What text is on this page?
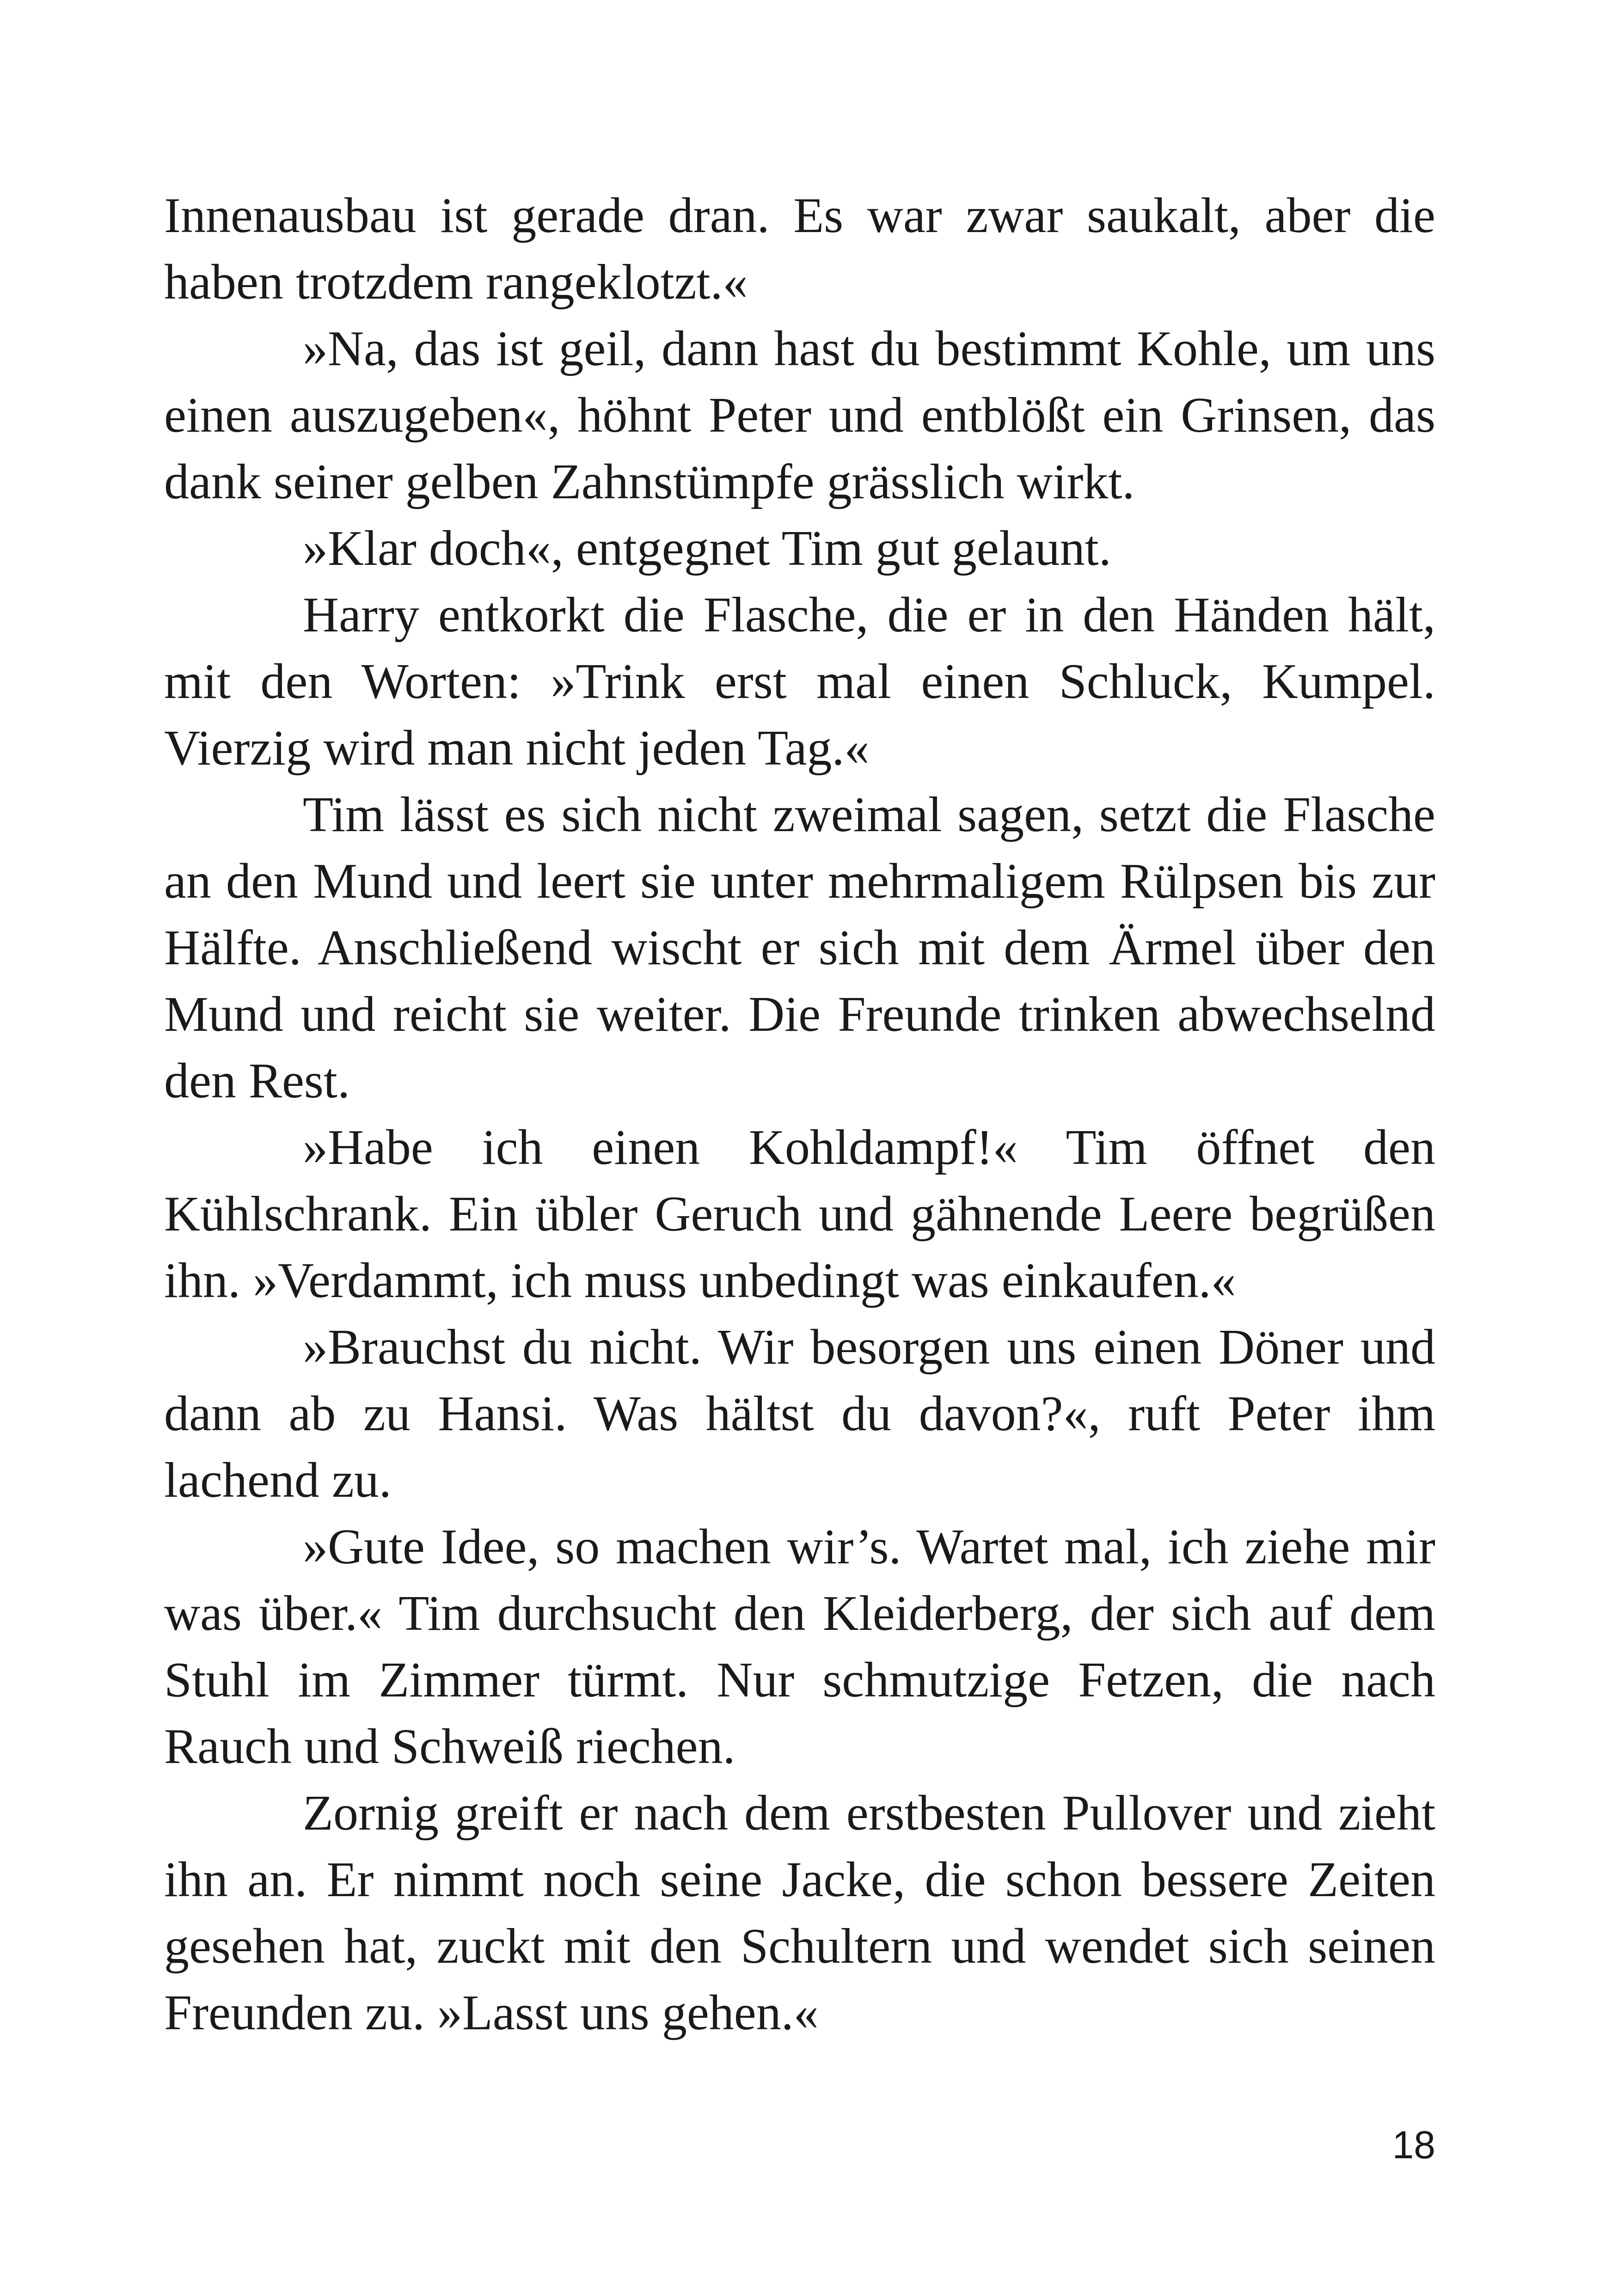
Innenausbau ist gerade dran. Es war zwar saukalt, aber die haben trotzdem rangeklotzt.«

»Na, das ist geil, dann hast du bestimmt Kohle, um uns einen auszugeben«, höhnt Peter und entblößt ein Grinsen, das dank seiner gelben Zahnstümpfe grässlich wirkt.

»Klar doch«, entgegnet Tim gut gelaunt.

Harry entkorkt die Flasche, die er in den Händen hält, mit den Worten: »Trink erst mal einen Schluck, Kumpel. Vierzig wird man nicht jeden Tag.«

Tim lässt es sich nicht zweimal sagen, setzt die Flasche an den Mund und leert sie unter mehrmaligem Rülpsen bis zur Hälfte. Anschließend wischt er sich mit dem Ärmel über den Mund und reicht sie weiter. Die Freunde trinken abwechselnd den Rest.

»Habe ich einen Kohldampf!« Tim öffnet den Kühlschrank. Ein übler Geruch und gähnende Leere begrüßen ihn. »Verdammt, ich muss unbedingt was einkaufen.«

»Brauchst du nicht. Wir besorgen uns einen Döner und dann ab zu Hansi. Was hältst du davon?«, ruft Peter ihm lachend zu.

»Gute Idee, so machen wir’s. Wartet mal, ich ziehe mir was über.« Tim durchsucht den Kleiderberg, der sich auf dem Stuhl im Zimmer türmt. Nur schmutzige Fetzen, die nach Rauch und Schweiß riechen.

Zornig greift er nach dem erstbesten Pullover und zieht ihn an. Er nimmt noch seine Jacke, die schon bessere Zeiten gesehen hat, zuckt mit den Schultern und wendet sich seinen Freunden zu. »Lasst uns gehen.«

18
